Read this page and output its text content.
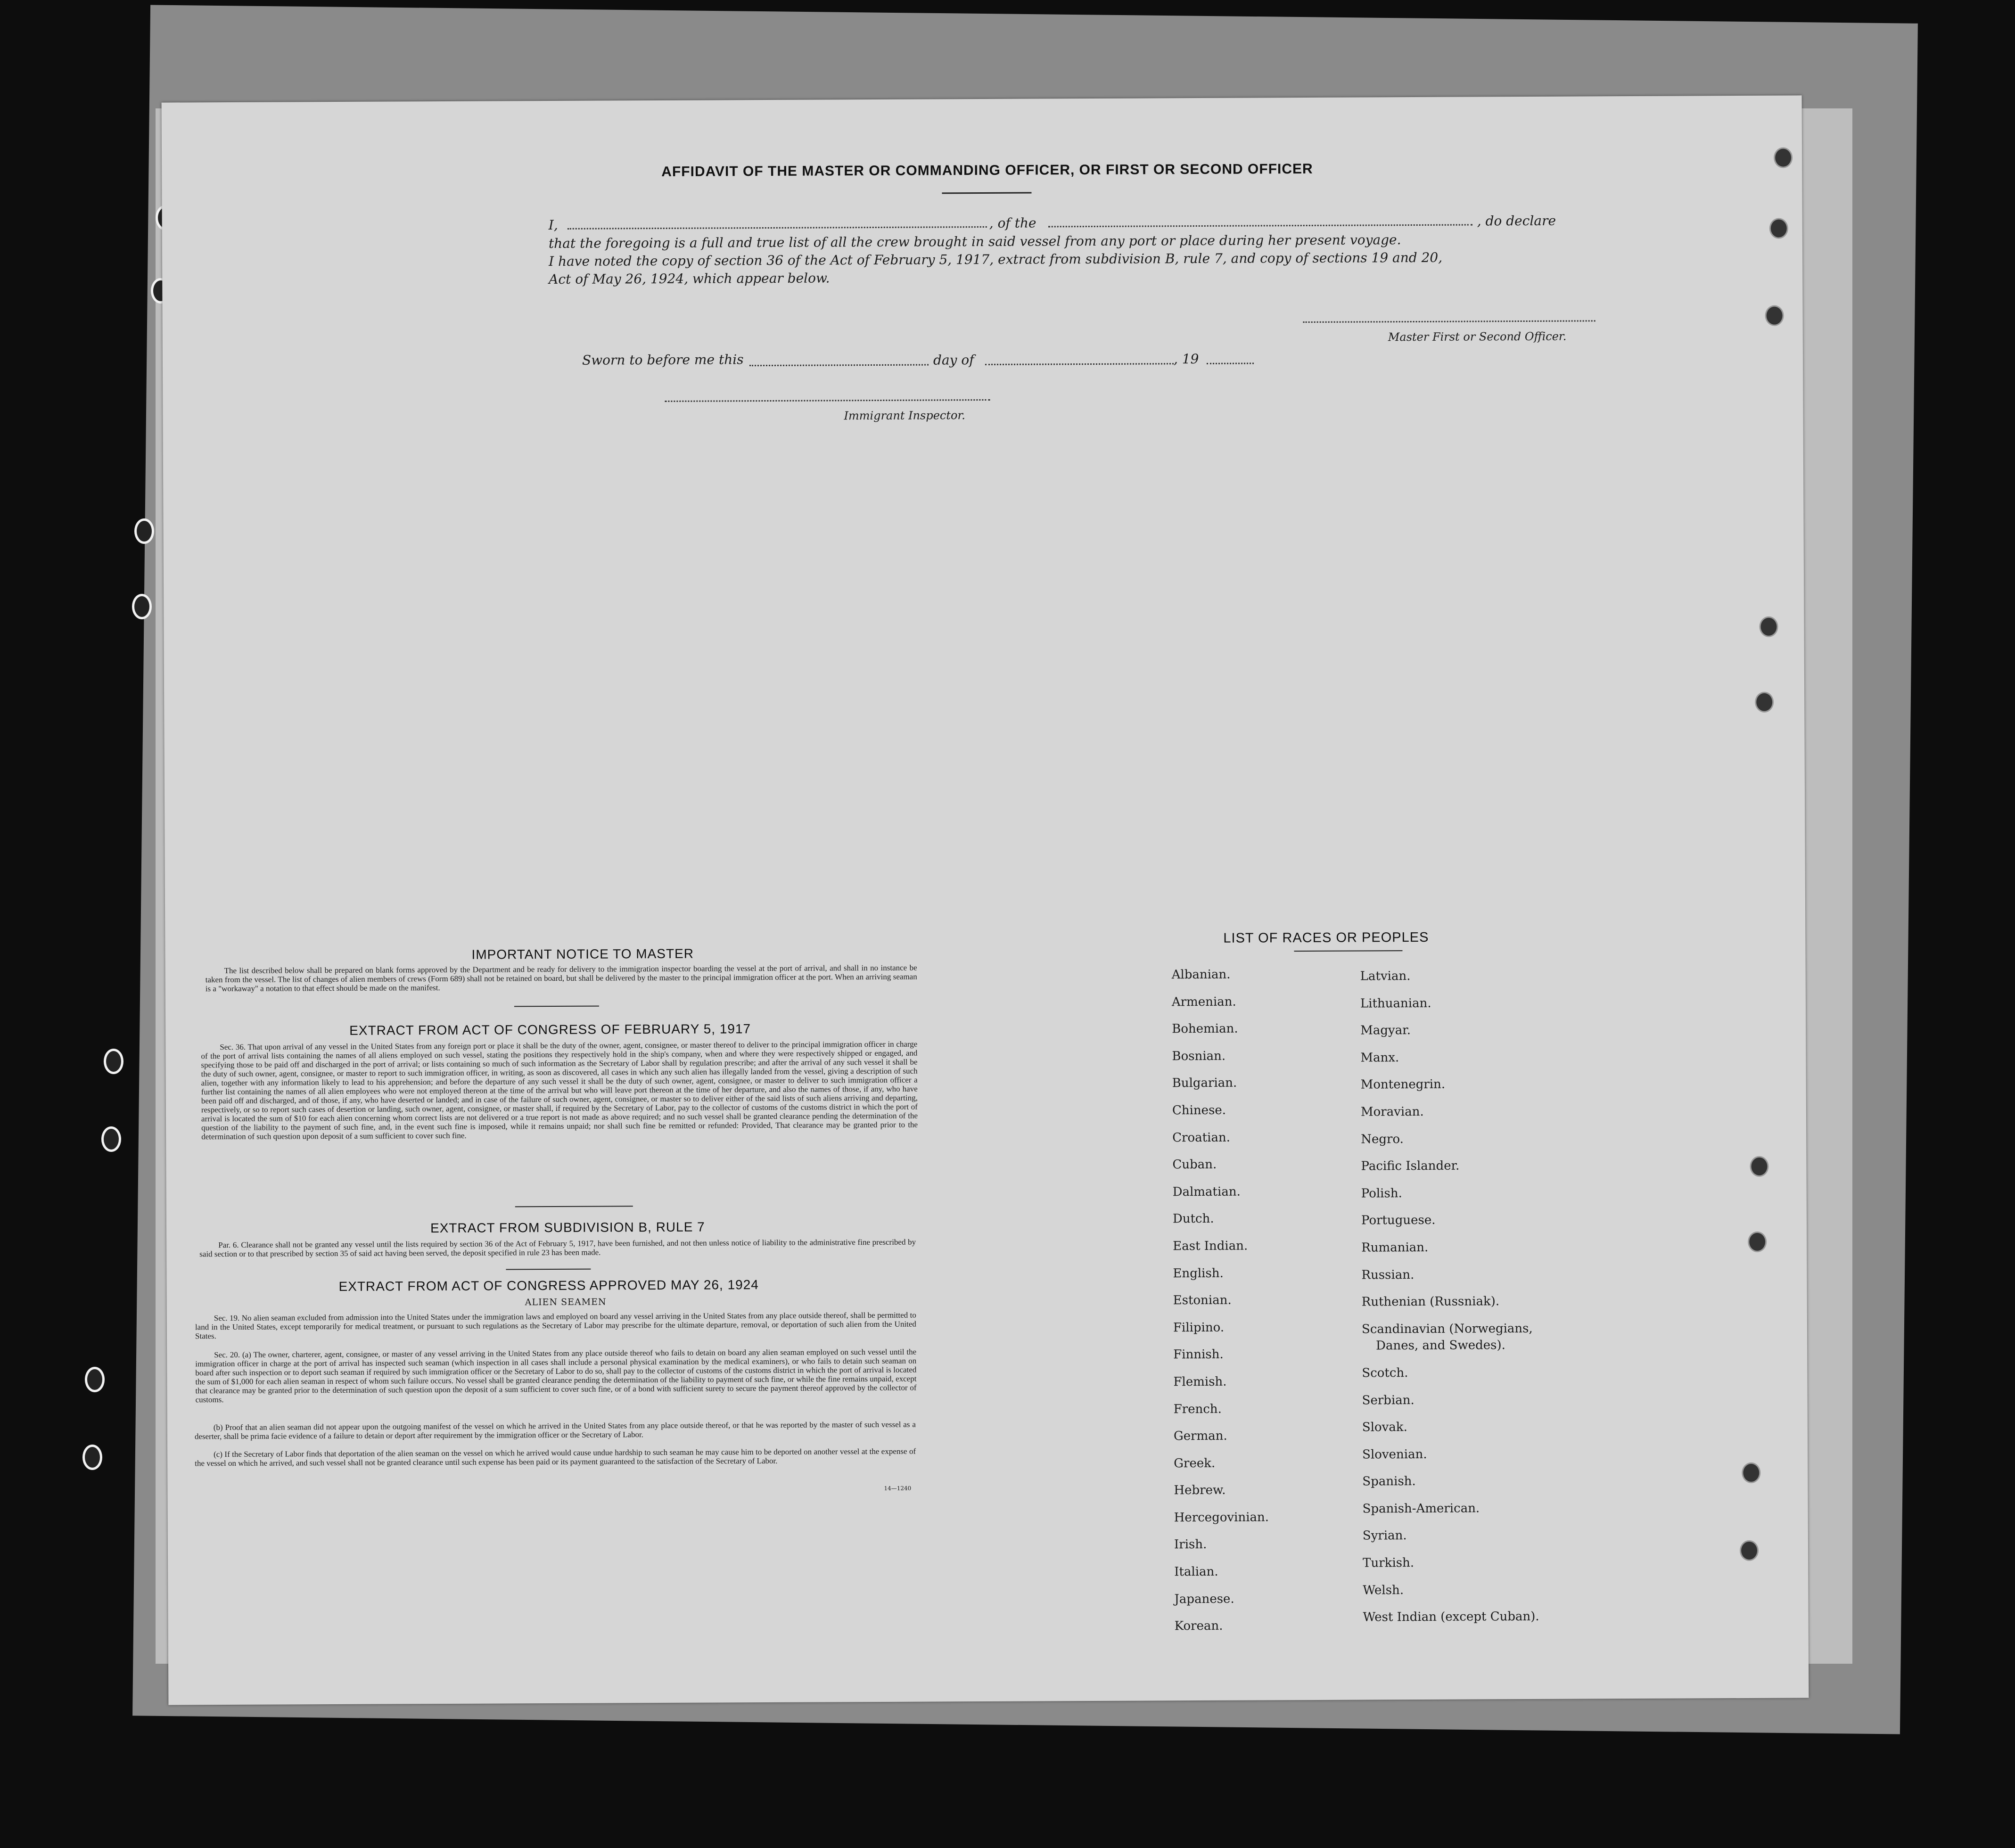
AFFIDAVIT OF THE MASTER OR COMMANDING OFFICER, OR FIRST OR SECOND OFFICER
I,	, of the	, do declare
that the foregoing is a full and true list of all the crew brought in said vessel from any port or place during her present voyage.
I have noted the copy of section 36 of the Act of February 5, 1917, extract from subdivision B, rule 7, and copy of sections 19 and 20,
Act of May 26, 1924, which appear below.
Master First or Second Officer.
Sworn to before me this	day of	, 19
Immigrant Inspector.
IMPORTANT NOTICE TO MASTER
The list described below shall be prepared on blank forms approved by the Department and be ready for delivery to the immigration inspector boarding the vessel at the port of arrival, and shall in no instance be taken from the vessel. The list of changes of alien members of crews (Form 689) shall not be retained on board, but shall be delivered by the master to the principal immigration officer at the port. When an arriving seaman is a "workaway" a notation to that effect should be made on the manifest.
EXTRACT FROM ACT OF CONGRESS OF FEBRUARY 5, 1917
Sec. 36. That upon arrival of any vessel in the United States from any foreign port or place it shall be the duty of the owner, agent, consignee, or master thereof to deliver to the principal immigration officer in charge of the port of arrival lists containing the names of all aliens employed on such vessel, stating the positions they respectively hold in the ship's company, when and where they were respectively shipped or engaged, and specifying those to be paid off and discharged in the port of arrival; or lists containing so much of such information as the Secretary of Labor shall by regulation prescribe; and after the arrival of any such vessel it shall be the duty of such owner, agent, consignee, or master to report to such immigration officer, in writing, as soon as discovered, all cases in which any such alien has illegally landed from the vessel, giving a description of such alien, together with any information likely to lead to his apprehension; and before the departure of any such vessel it shall be the duty of such owner, agent, consignee, or master to deliver to such immigration officer a further list containing the names of all alien employees who were not employed thereon at the time of the arrival but who will leave port thereon at the time of her departure, and also the names of those, if any, who have been paid off and discharged, and of those, if any, who have deserted or landed; and in case of the failure of such owner, agent, consignee, or master so to deliver either of the said lists of such aliens arriving and departing, respectively, or so to report such cases of desertion or landing, such owner, agent, consignee, or master shall, if required by the Secretary of Labor, pay to the collector of customs of the customs district in which the port of arrival is located the sum of $10 for each alien concerning whom correct lists are not delivered or a true report is not made as above required; and no such vessel shall be granted clearance pending the determination of the question of the liability to the payment of such fine, and, in the event such fine is imposed, while it remains unpaid; nor shall such fine be remitted or refunded: Provided, That clearance may be granted prior to the determination of such question upon deposit of a sum sufficient to cover such fine.
EXTRACT FROM SUBDIVISION B, RULE 7
Par. 6. Clearance shall not be granted any vessel until the lists required by section 36 of the Act of February 5, 1917, have been furnished, and not then unless notice of liability to the administrative fine prescribed by said section or to that prescribed by section 35 of said act having been served, the deposit specified in rule 23 has been made.
EXTRACT FROM ACT OF CONGRESS APPROVED MAY 26, 1924
ALIEN SEAMEN
Sec. 19. No alien seaman excluded from admission into the United States under the immigration laws and employed on board any vessel arriving in the United States from any place outside thereof, shall be permitted to land in the United States, except temporarily for medical treatment, or pursuant to such regulations as the Secretary of Labor may prescribe for the ultimate departure, removal, or deportation of such alien from the United States.
Sec. 20. (a) The owner, charterer, agent, consignee, or master of any vessel arriving in the United States from any place outside thereof who fails to detain on board any alien seaman employed on such vessel until the immigration officer in charge at the port of arrival has inspected such seaman (which inspection in all cases shall include a personal physical examination by the medical examiners), or who fails to detain such seaman on board after such inspection or to deport such seaman if required by such immigration officer or the Secretary of Labor to do so, shall pay to the collector of customs of the customs district in which the port of arrival is located the sum of $1,000 for each alien seaman in respect of whom such failure occurs. No vessel shall be granted clearance pending the determination of the liability to payment of such fine, or while the fine remains unpaid, except that clearance may be granted prior to the determination of such question upon the deposit of a sum sufficient to cover such fine, or of a bond with sufficient surety to secure the payment thereof approved by the collector of customs.
(b) Proof that an alien seaman did not appear upon the outgoing manifest of the vessel on which he arrived in the United States from any place outside thereof, or that he was reported by the master of such vessel as a deserter, shall be prima facie evidence of a failure to detain or deport after requirement by the immigration officer or the Secretary of Labor.
(c) If the Secretary of Labor finds that deportation of the alien seaman on the vessel on which he arrived would cause undue hardship to such seaman he may cause him to be deported on another vessel at the expense of the vessel on which he arrived, and such vessel shall not be granted clearance until such expense has been paid or its payment guaranteed to the satisfaction of the Secretary of Labor.
14—1240
LIST OF RACES OR PEOPLES
Albanian.
Armenian.
Bohemian.
Bosnian.
Bulgarian.
Chinese.
Croatian.
Cuban.
Dalmatian.
Dutch.
East Indian.
English.
Estonian.
Filipino.
Finnish.
Flemish.
French.
German.
Greek.
Hebrew.
Hercegovinian.
Irish.
Italian.
Japanese.
Korean.
Latvian.
Lithuanian.
Magyar.
Manx.
Montenegrin.
Moravian.
Negro.
Pacific Islander.
Polish.
Portuguese.
Rumanian.
Russian.
Ruthenian (Russniak).
Scandinavian (Norwegians,
Danes, and Swedes).
Scotch.
Serbian.
Slovak.
Slovenian.
Spanish.
Spanish-American.
Syrian.
Turkish.
Welsh.
West Indian (except Cuban).
